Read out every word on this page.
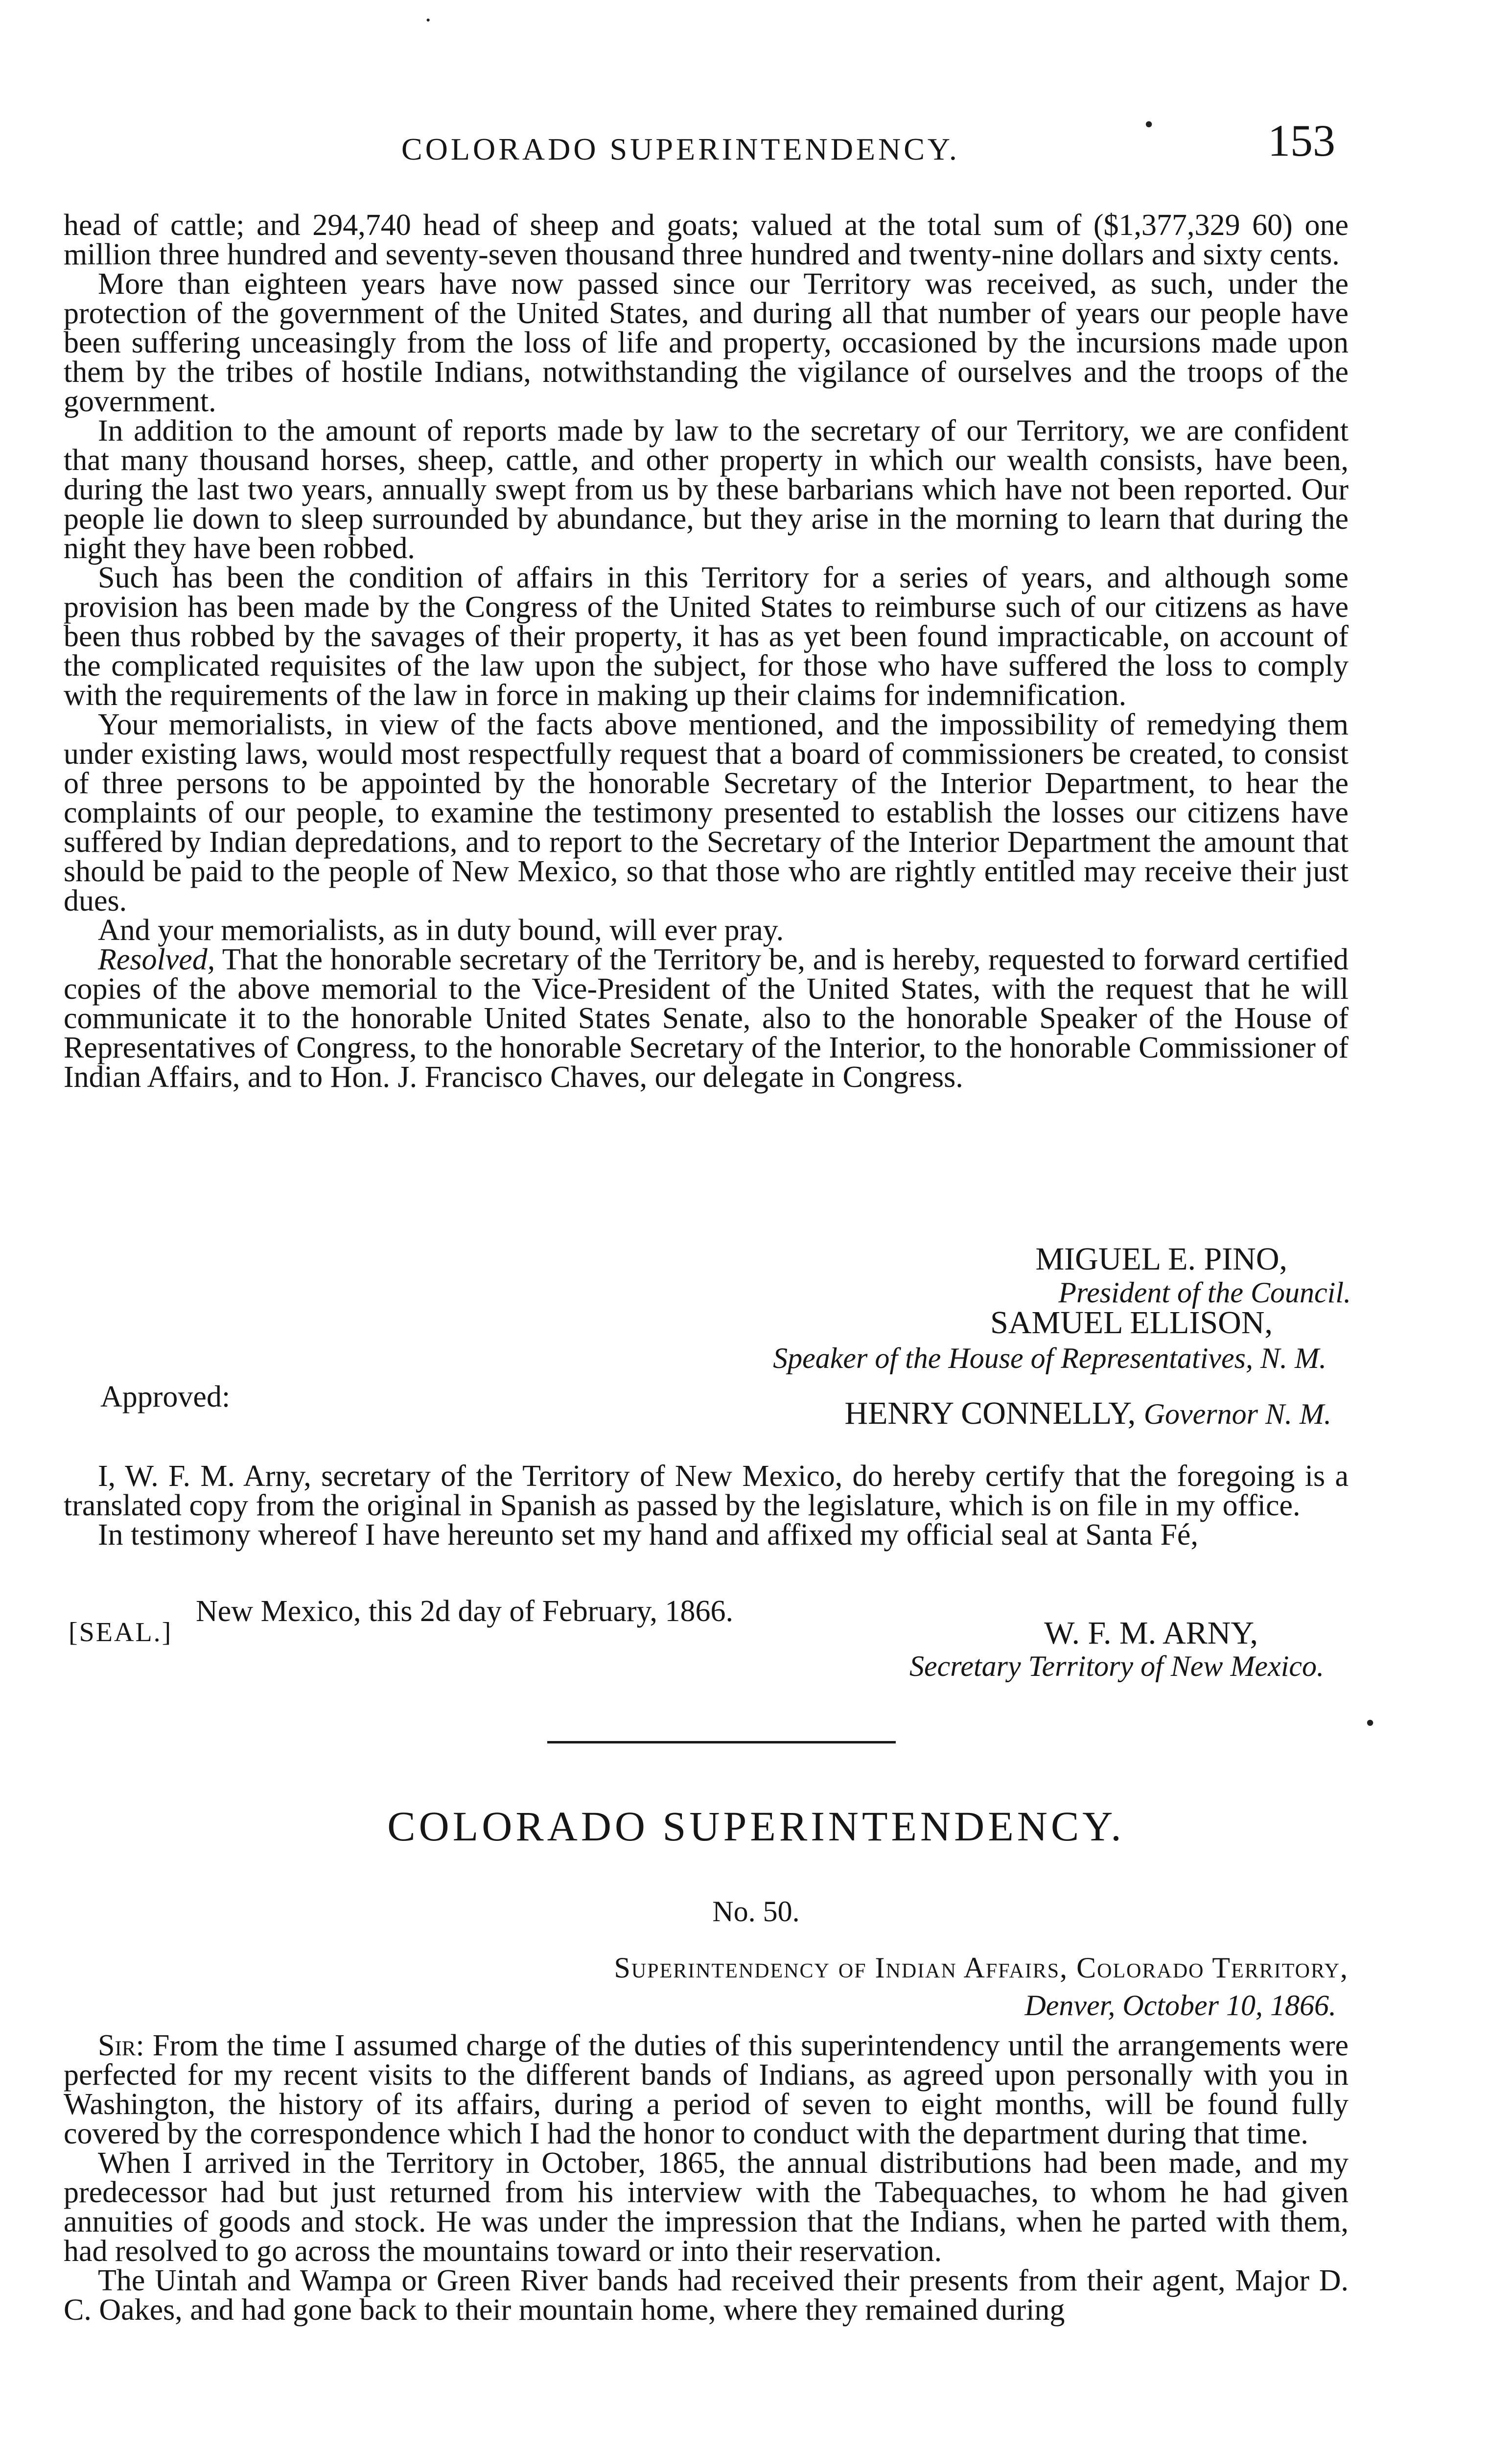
·
•
•
COLORADO SUPERINTENDENCY.	153

head of cattle; and 294,740 head of sheep and goats; valued at the total sum of ($1,377,329 60) one million three hundred and seventy-seven thousand three hundred and twenty-nine dollars and sixty cents.

More than eighteen years have now passed since our Territory was received, as such, under the protection of the government of the United States, and during all that number of years our people have been suffering unceasingly from the loss of life and property, occasioned by the incursions made upon them by the tribes of hostile Indians, notwithstanding the vigilance of ourselves and the troops of the government.

In addition to the amount of reports made by law to the secretary of our Territory, we are confident that many thousand horses, sheep, cattle, and other property in which our wealth consists, have been, during the last two years, annually swept from us by these barbarians which have not been reported. Our people lie down to sleep surrounded by abundance, but they arise in the morning to learn that during the night they have been robbed.

Such has been the condition of affairs in this Territory for a series of years, and although some provision has been made by the Congress of the United States to reimburse such of our citizens as have been thus robbed by the savages of their property, it has as yet been found impracticable, on account of the complicated requisites of the law upon the subject, for those who have suffered the loss to comply with the requirements of the law in force in making up their claims for indemnification.

Your memorialists, in view of the facts above mentioned, and the impossibility of remedying them under existing laws, would most respectfully request that a board of commissioners be created, to consist of three persons to be appointed by the honorable Secretary of the Interior Department, to hear the complaints of our people, to examine the testimony presented to establish the losses our citizens have suffered by Indian depredations, and to report to the Secretary of the Interior Department the amount that should be paid to the people of New Mexico, so that those who are rightly entitled may receive their just dues.

And your memorialists, as in duty bound, will ever pray.

Resolved, That the honorable secretary of the Territory be, and is hereby, requested to forward certified copies of the above memorial to the Vice-President of the United States, with the request that he will communicate it to the honorable United States Senate, also to the honorable Speaker of the House of Representatives of Congress, to the honorable Secretary of the Interior, to the honorable Commissioner of Indian Affairs, and to Hon. J. Francisco Chaves, our delegate in Congress.

MIGUEL E. PINO,
President of the Council.
SAMUEL ELLISON,
Speaker of the House of Representatives, N. M.
Approved:	HENRY CONNELLY, Governor N. M.

I, W. F. M. Arny, secretary of the Territory of New Mexico, do hereby certify that the foregoing is a translated copy from the original in Spanish as passed by the legislature, which is on file in my office.

In testimony whereof I have hereunto set my hand and affixed my official seal at Santa Fé,

[SEAL.]
New Mexico, this 2d day of February, 1866.
W. F. M. ARNY,
Secretary Territory of New Mexico.
COLORADO SUPERINTENDENCY.
No. 50.
Superintendency of Indian Affairs, Colorado Territory,
Denver, October 10, 1866.

Sir: From the time I assumed charge of the duties of this superintendency until the arrangements were perfected for my recent visits to the different bands of Indians, as agreed upon personally with you in Washington, the history of its affairs, during a period of seven to eight months, will be found fully covered by the correspondence which I had the honor to conduct with the department during that time.

When I arrived in the Territory in October, 1865, the annual distributions had been made, and my predecessor had but just returned from his interview with the Tabequaches, to whom he had given annuities of goods and stock. He was under the impression that the Indians, when he parted with them, had resolved to go across the mountains toward or into their reservation.

The Uintah and Wampa or Green River bands had received their presents from their agent, Major D. C. Oakes, and had gone back to their mountain home, where they remained during
